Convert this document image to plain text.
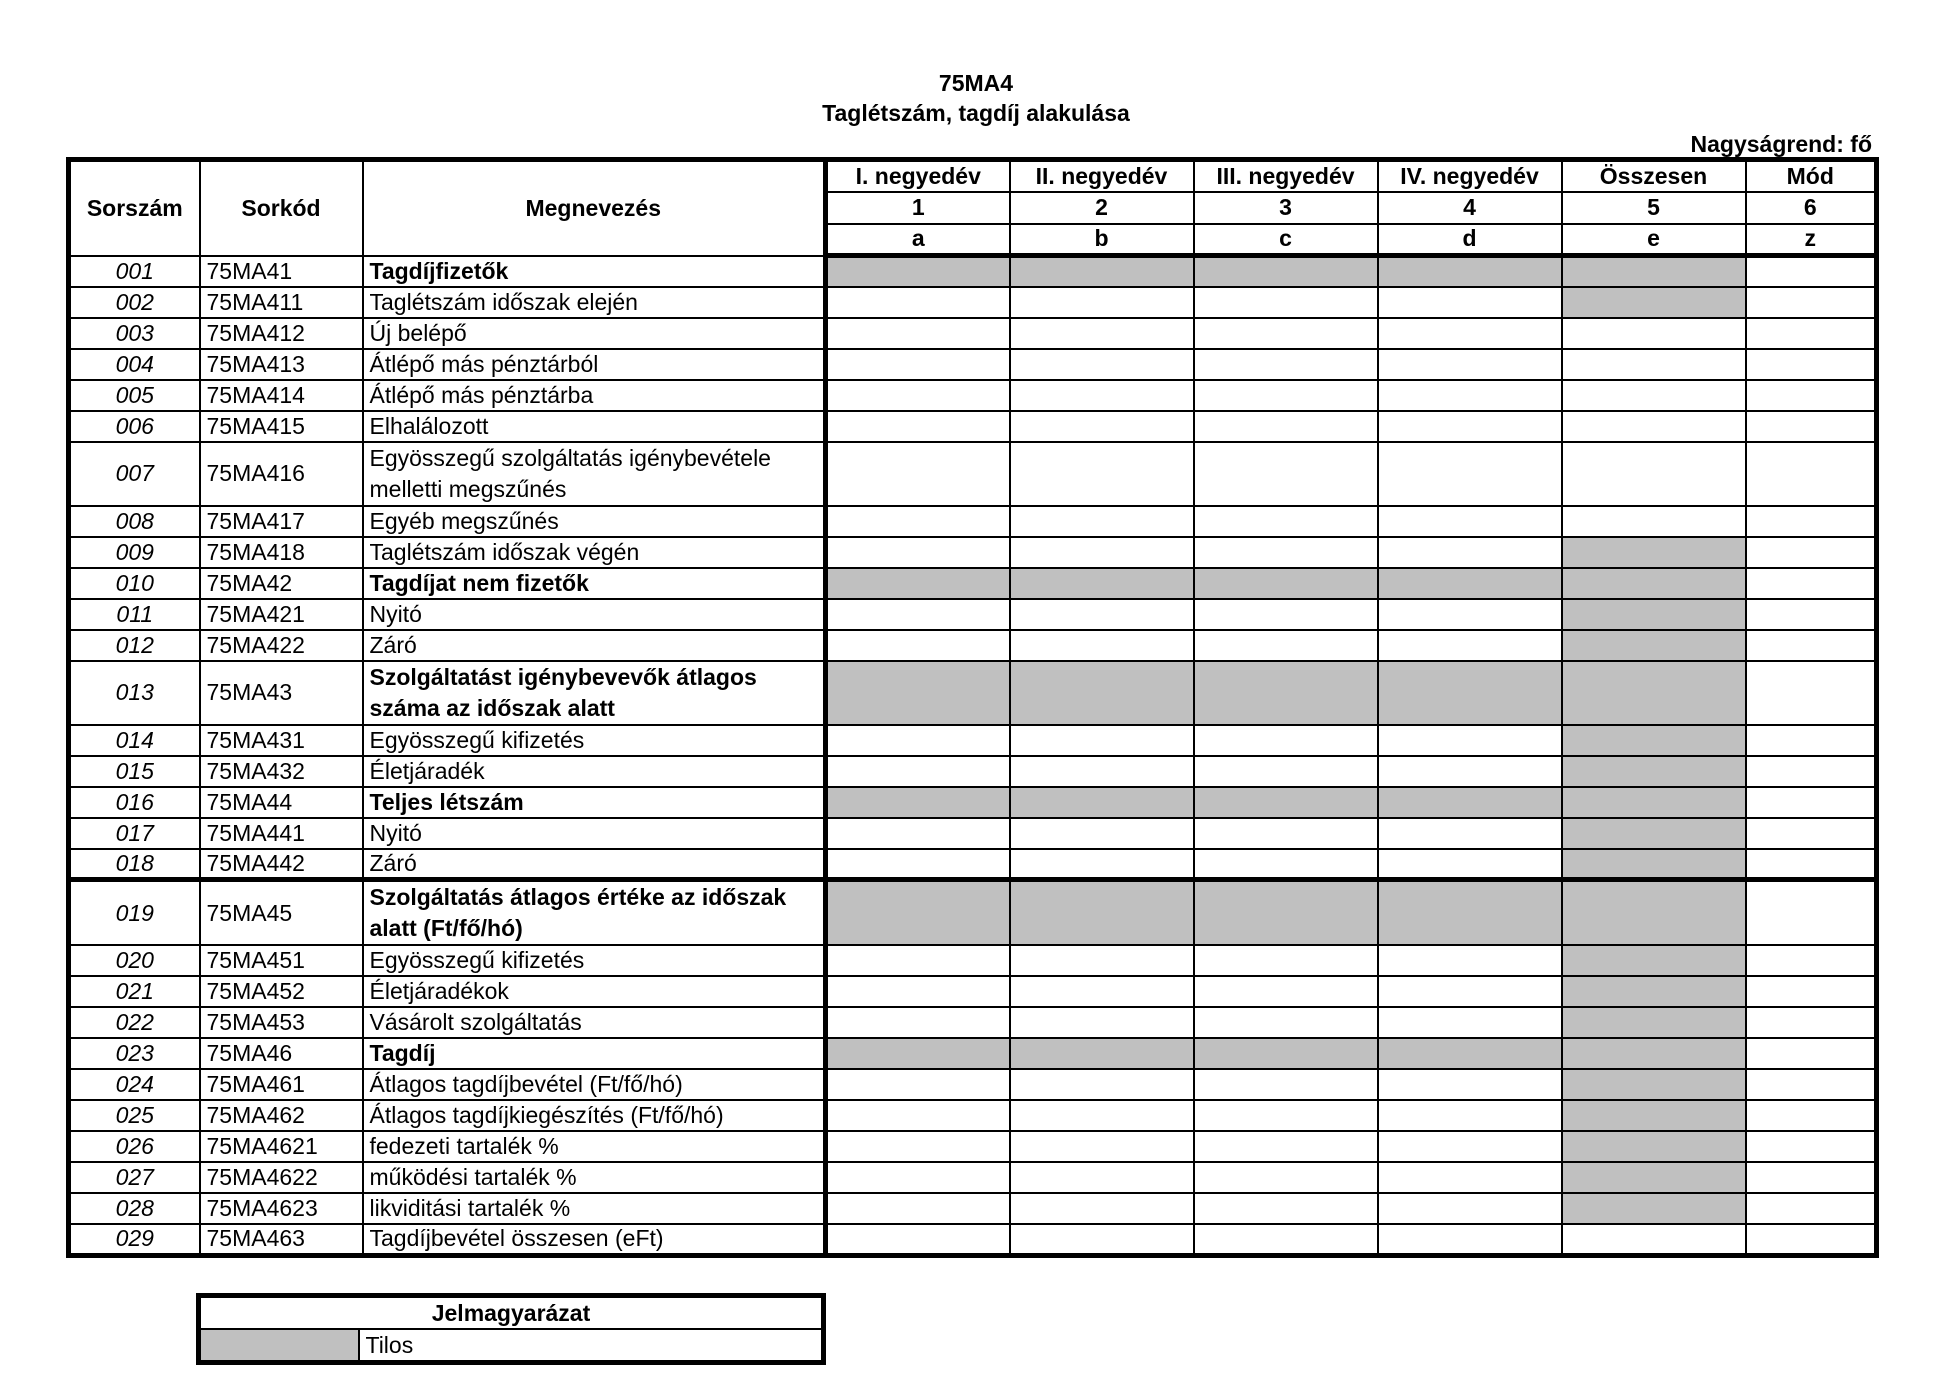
75MA4
Taglétszám, tagdíj alakulása
Nagyságrend: fő
Sorszám	Sorkód	Megnevezés	I. negyedév	II. negyedév	III. negyedév	IV. negyedév	Összesen	Mód
			1	2	3	4	5	6
			a	b	c	d	e	z
001	75MA41	Tagdíjfizetők						
002	75MA411	Taglétszám időszak elején						
003	75MA412	Új belépő						
004	75MA413	Átlépő más pénztárból						
005	75MA414	Átlépő más pénztárba						
006	75MA415	Elhalálozott						
007	75MA416	Egyösszegű szolgáltatás igénybevétele melletti megszűnés						
008	75MA417	Egyéb megszűnés						
009	75MA418	Taglétszám időszak végén						
010	75MA42	Tagdíjat nem fizetők						
011	75MA421	Nyitó						
012	75MA422	Záró						
013	75MA43	Szolgáltatást igénybevevők átlagos száma az időszak alatt						
014	75MA431	Egyösszegű kifizetés						
015	75MA432	Életjáradék						
016	75MA44	Teljes létszám						
017	75MA441	Nyitó						
018	75MA442	Záró						
019	75MA45	Szolgáltatás átlagos értéke az időszak alatt (Ft/fő/hó)						
020	75MA451	Egyösszegű kifizetés						
021	75MA452	Életjáradékok						
022	75MA453	Vásárolt szolgáltatás						
023	75MA46	Tagdíj						
024	75MA461	Átlagos tagdíjbevétel (Ft/fő/hó)						
025	75MA462	Átlagos tagdíjkiegészítés (Ft/fő/hó)						
026	75MA4621	fedezeti tartalék %						
027	75MA4622	működési tartalék %						
028	75MA4623	likviditási tartalék %						
029	75MA463	Tagdíjbevétel összesen (eFt)						
Jelmagyarázat
	Tilos
